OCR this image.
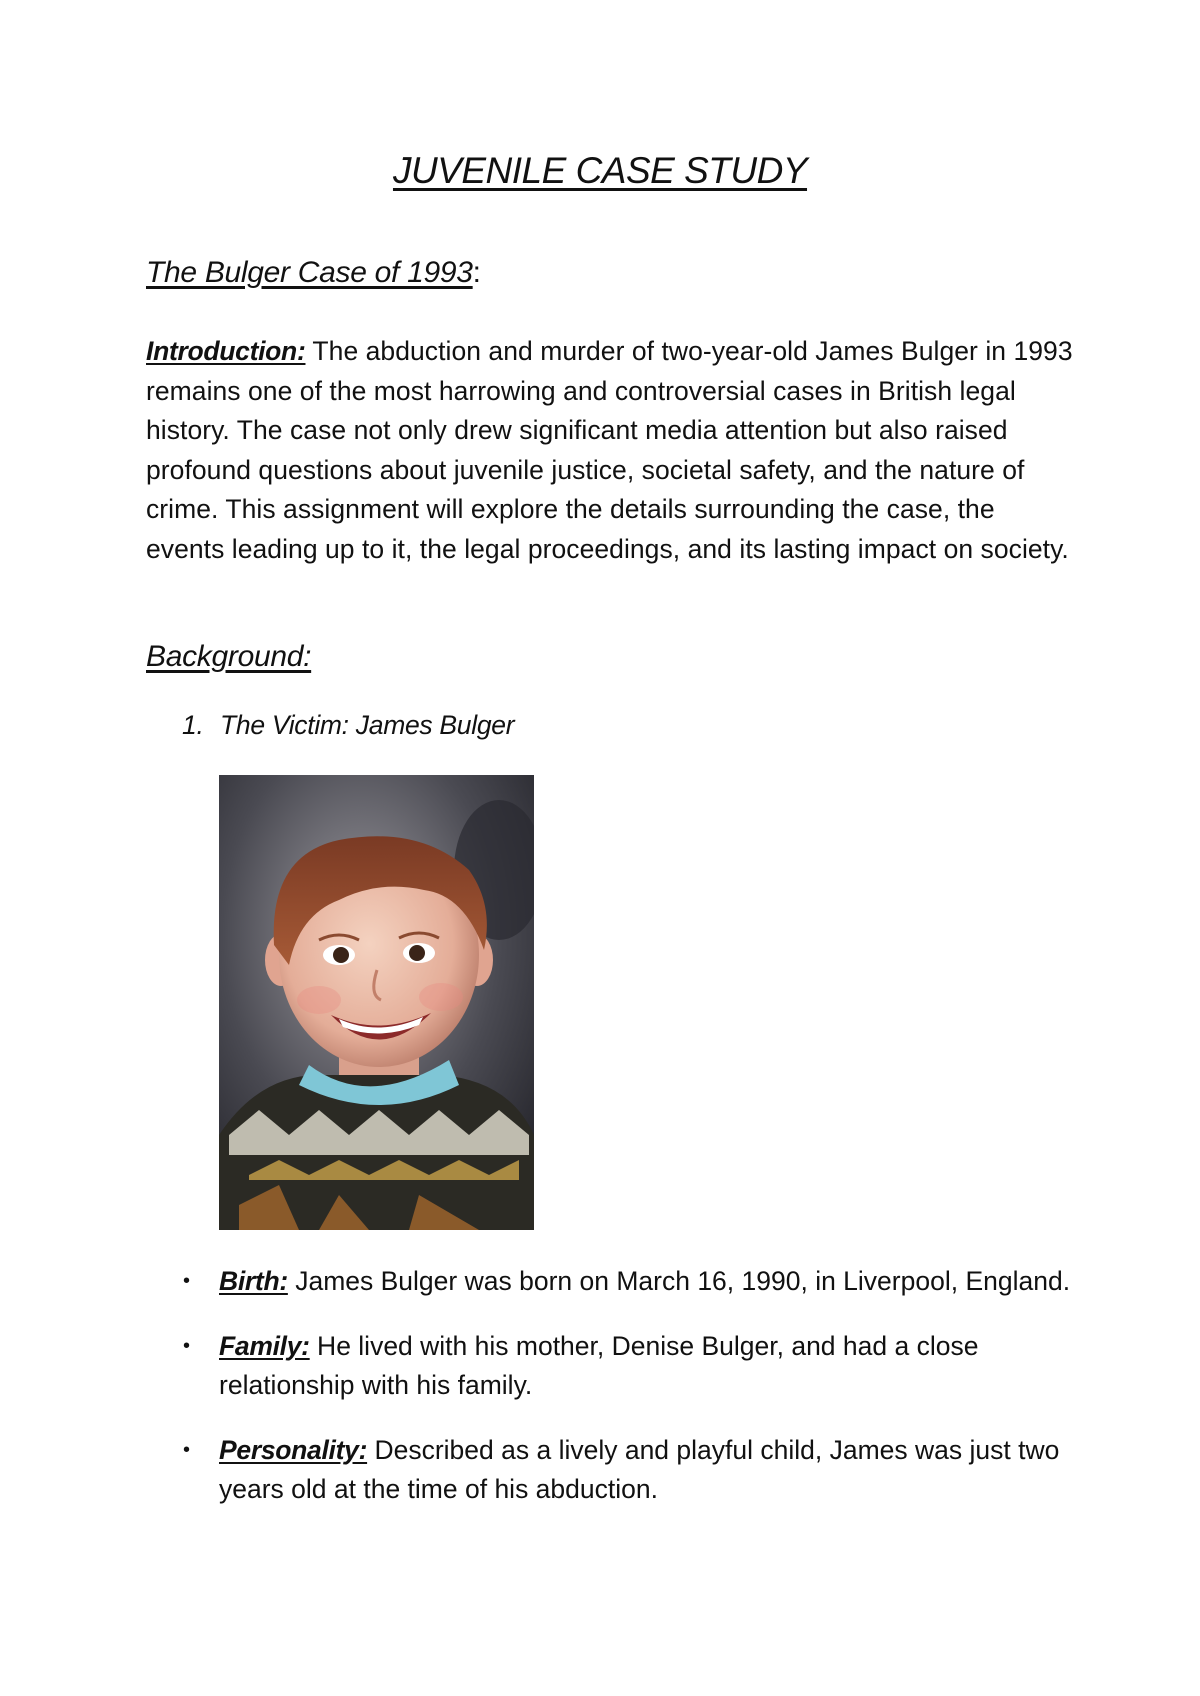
JUVENILE CASE STUDY
The Bulger Case of 1993:

Introduction: The abduction and murder of two-year-old James Bulger in 1993 remains one of the most harrowing and controversial cases in British legal history. The case not only drew significant media attention but also raised profound questions about juvenile justice, societal safety, and the nature of crime. This assignment will explore the details surrounding the case, the events leading up to it, the legal proceedings, and its lasting impact on society.

Background:
1. The Victim: James Bulger
• Birth: James Bulger was born on March 16, 1990, in Liverpool, England.
• Family: He lived with his mother, Denise Bulger, and had a close relationship with his family.
• Personality: Described as a lively and playful child, James was just two years old at the time of his abduction.
